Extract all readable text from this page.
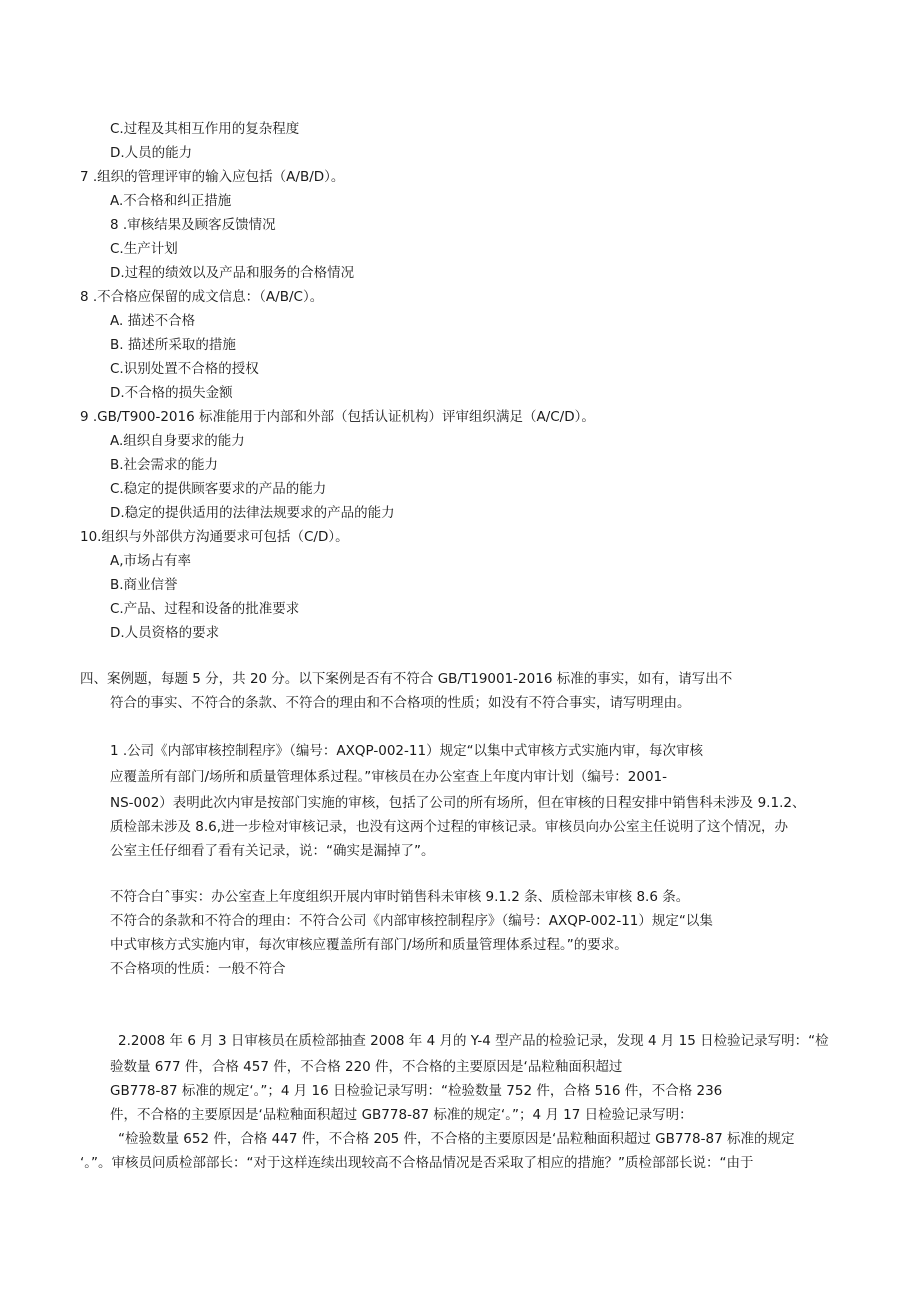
C.过程及其相互作用的复杂程度
D.人员的能力
7 .组织的管理评审的输入应包括（A/B/D）。
A.不合格和纠正措施
8 .审核结果及顾客反馈情况
C.生产计划
D.过程的绩效以及产品和服务的合格情况
8 .不合格应保留的成文信息：（A/B/C）。
A. 描述不合格
B. 描述所采取的措施
C.识别处置不合格的授权
D.不合格的损失金额
9 .GB/T900-2016 标准能用于内部和外部（包括认证机构）评审组织满足（A/C/D）。
A.组织自身要求的能力
B.社会需求的能力
C.稳定的提供顾客要求的产品的能力
D.稳定的提供适用的法律法规要求的产品的能力
10.组织与外部供方沟通要求可包括（C/D）。
A,市场占有率
B.商业信誉
C.产品、过程和设备的批准要求
D.人员资格的要求
四、案例题，每题 5 分，共 20 分。以下案例是否有不符合 GB/T19001-2016 标准的事实，如有，请写出不
符合的事实、不符合的条款、不符合的理由和不合格项的性质；如没有不符合事实，请写明理由。
1 .公司《内部审核控制程序》（编号：AXQP-002-11）规定“以集中式审核方式实施内审，每次审核
应覆盖所有部门/场所和质量管理体系过程。”审核员在办公室查上年度内审计划（编号：2001-
NS-002）表明此次内审是按部门实施的审核，包括了公司的所有场所，但在审核的日程安排中销售科未涉及 9.1.2、
质检部未涉及 8.6,进一步检对审核记录，也没有这两个过程的审核记录。审核员向办公室主任说明了这个情况，办
公室主任仔细看了看有关记录，说：“确实是漏掉了”。
不符合白ˆ事实：办公室查上年度组织开展内审时销售科未审核 9.1.2 条、质检部未审核 8.6 条。
不符合的条款和不符合的理由：不符合公司《内部审核控制程序》（编号：AXQP-002-11）规定“以集
中式审核方式实施内审，每次审核应覆盖所有部门/场所和质量管理体系过程。”的要求。
不合格项的性质：一般不符合
2.2008 年 6 月 3 日审核员在质检部抽查 2008 年 4 月的 Y-4 型产品的检验记录，发现 4 月 15 日检验记录写明：“检
验数量 677 件，合格 457 件，不合格 220 件，不合格的主要原因是‘品粒釉面积超过
GB778-87 标准的规定‘。”；4 月 16 日检验记录写明：“检验数量 752 件，合格 516 件，不合格 236
件，不合格的主要原因是‘品粒釉面积超过 GB778-87 标准的规定‘。”；4 月 17 日检验记录写明：
“检验数量 652 件，合格 447 件，不合格 205 件，不合格的主要原因是‘品粒釉面积超过 GB778-87 标准的规定
‘。”。审核员问质检部部长：“对于这样连续出现较高不合格品情况是否采取了相应的措施？”质检部部长说：“由于
